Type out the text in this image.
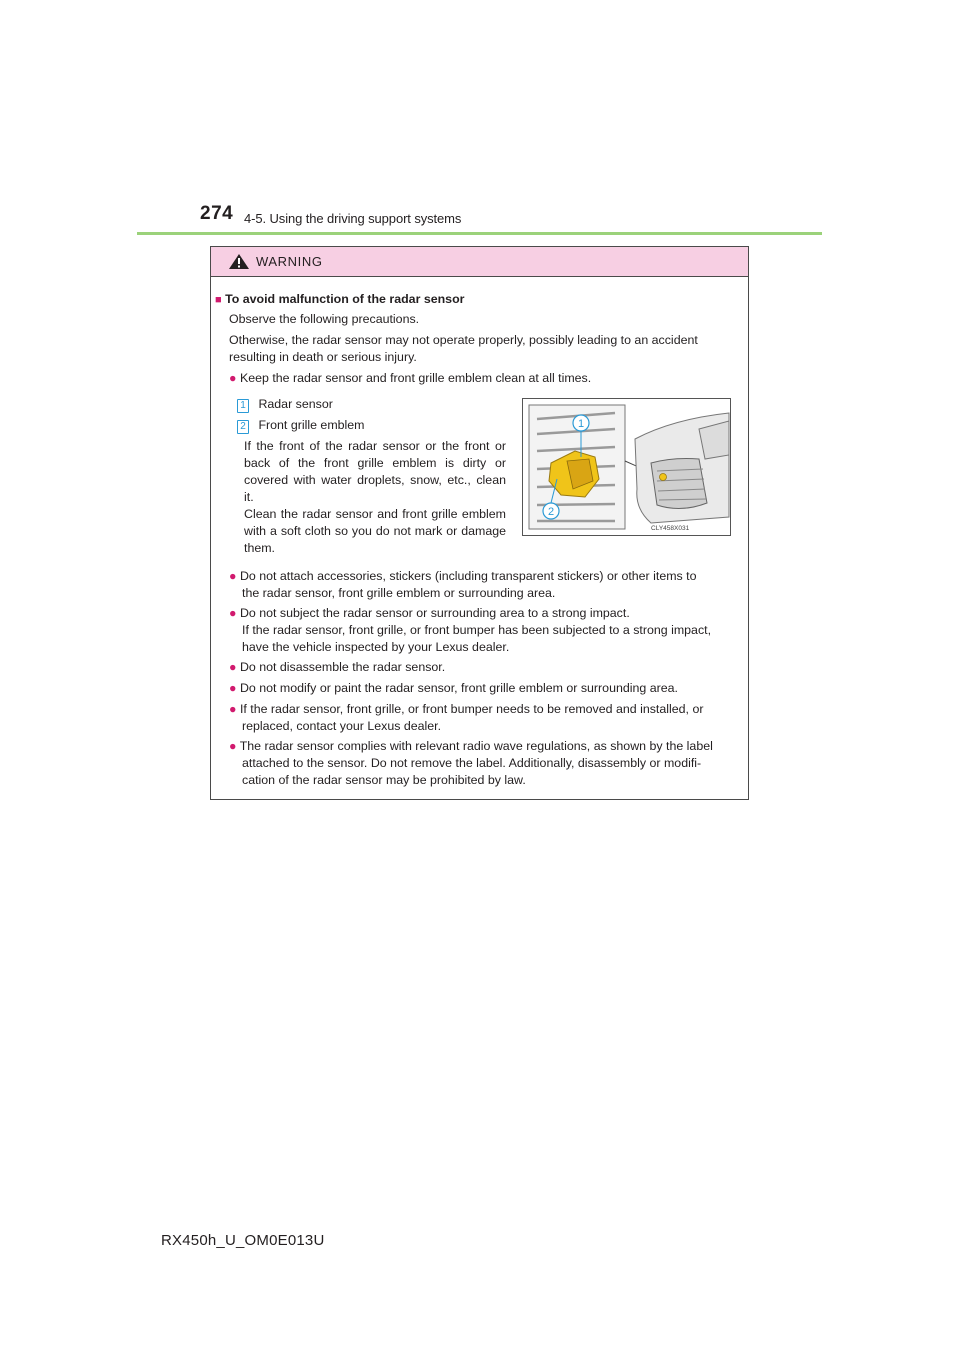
274 4-5. Using the driving support systems
WARNING
■ To avoid malfunction of the radar sensor
Observe the following precautions.
Otherwise, the radar sensor may not operate properly, possibly leading to an accident
resulting in death or serious injury.
● Keep the radar sensor and front grille emblem clean at all times.
1 Radar sensor
2 Front grille emblem
If the front of the radar sensor or the front or back of the front grille emblem is dirty or covered with water droplets, snow, etc., clean it.
Clean the radar sensor and front grille emblem with a soft cloth so you do not mark or damage them.
1
2
CLY458X031
● Do not attach accessories, stickers (including transparent stickers) or other items to
the radar sensor, front grille emblem or surrounding area.
● Do not subject the radar sensor or surrounding area to a strong impact.
If the radar sensor, front grille, or front bumper has been subjected to a strong impact,
have the vehicle inspected by your Lexus dealer.
● Do not disassemble the radar sensor.
● Do not modify or paint the radar sensor, front grille emblem or surrounding area.
● If the radar sensor, front grille, or front bumper needs to be removed and installed, or
replaced, contact your Lexus dealer.
● The radar sensor complies with relevant radio wave regulations, as shown by the label
attached to the sensor. Do not remove the label. Additionally, disassembly or modifi-
cation of the radar sensor may be prohibited by law.
RX450h_U_OM0E013U
